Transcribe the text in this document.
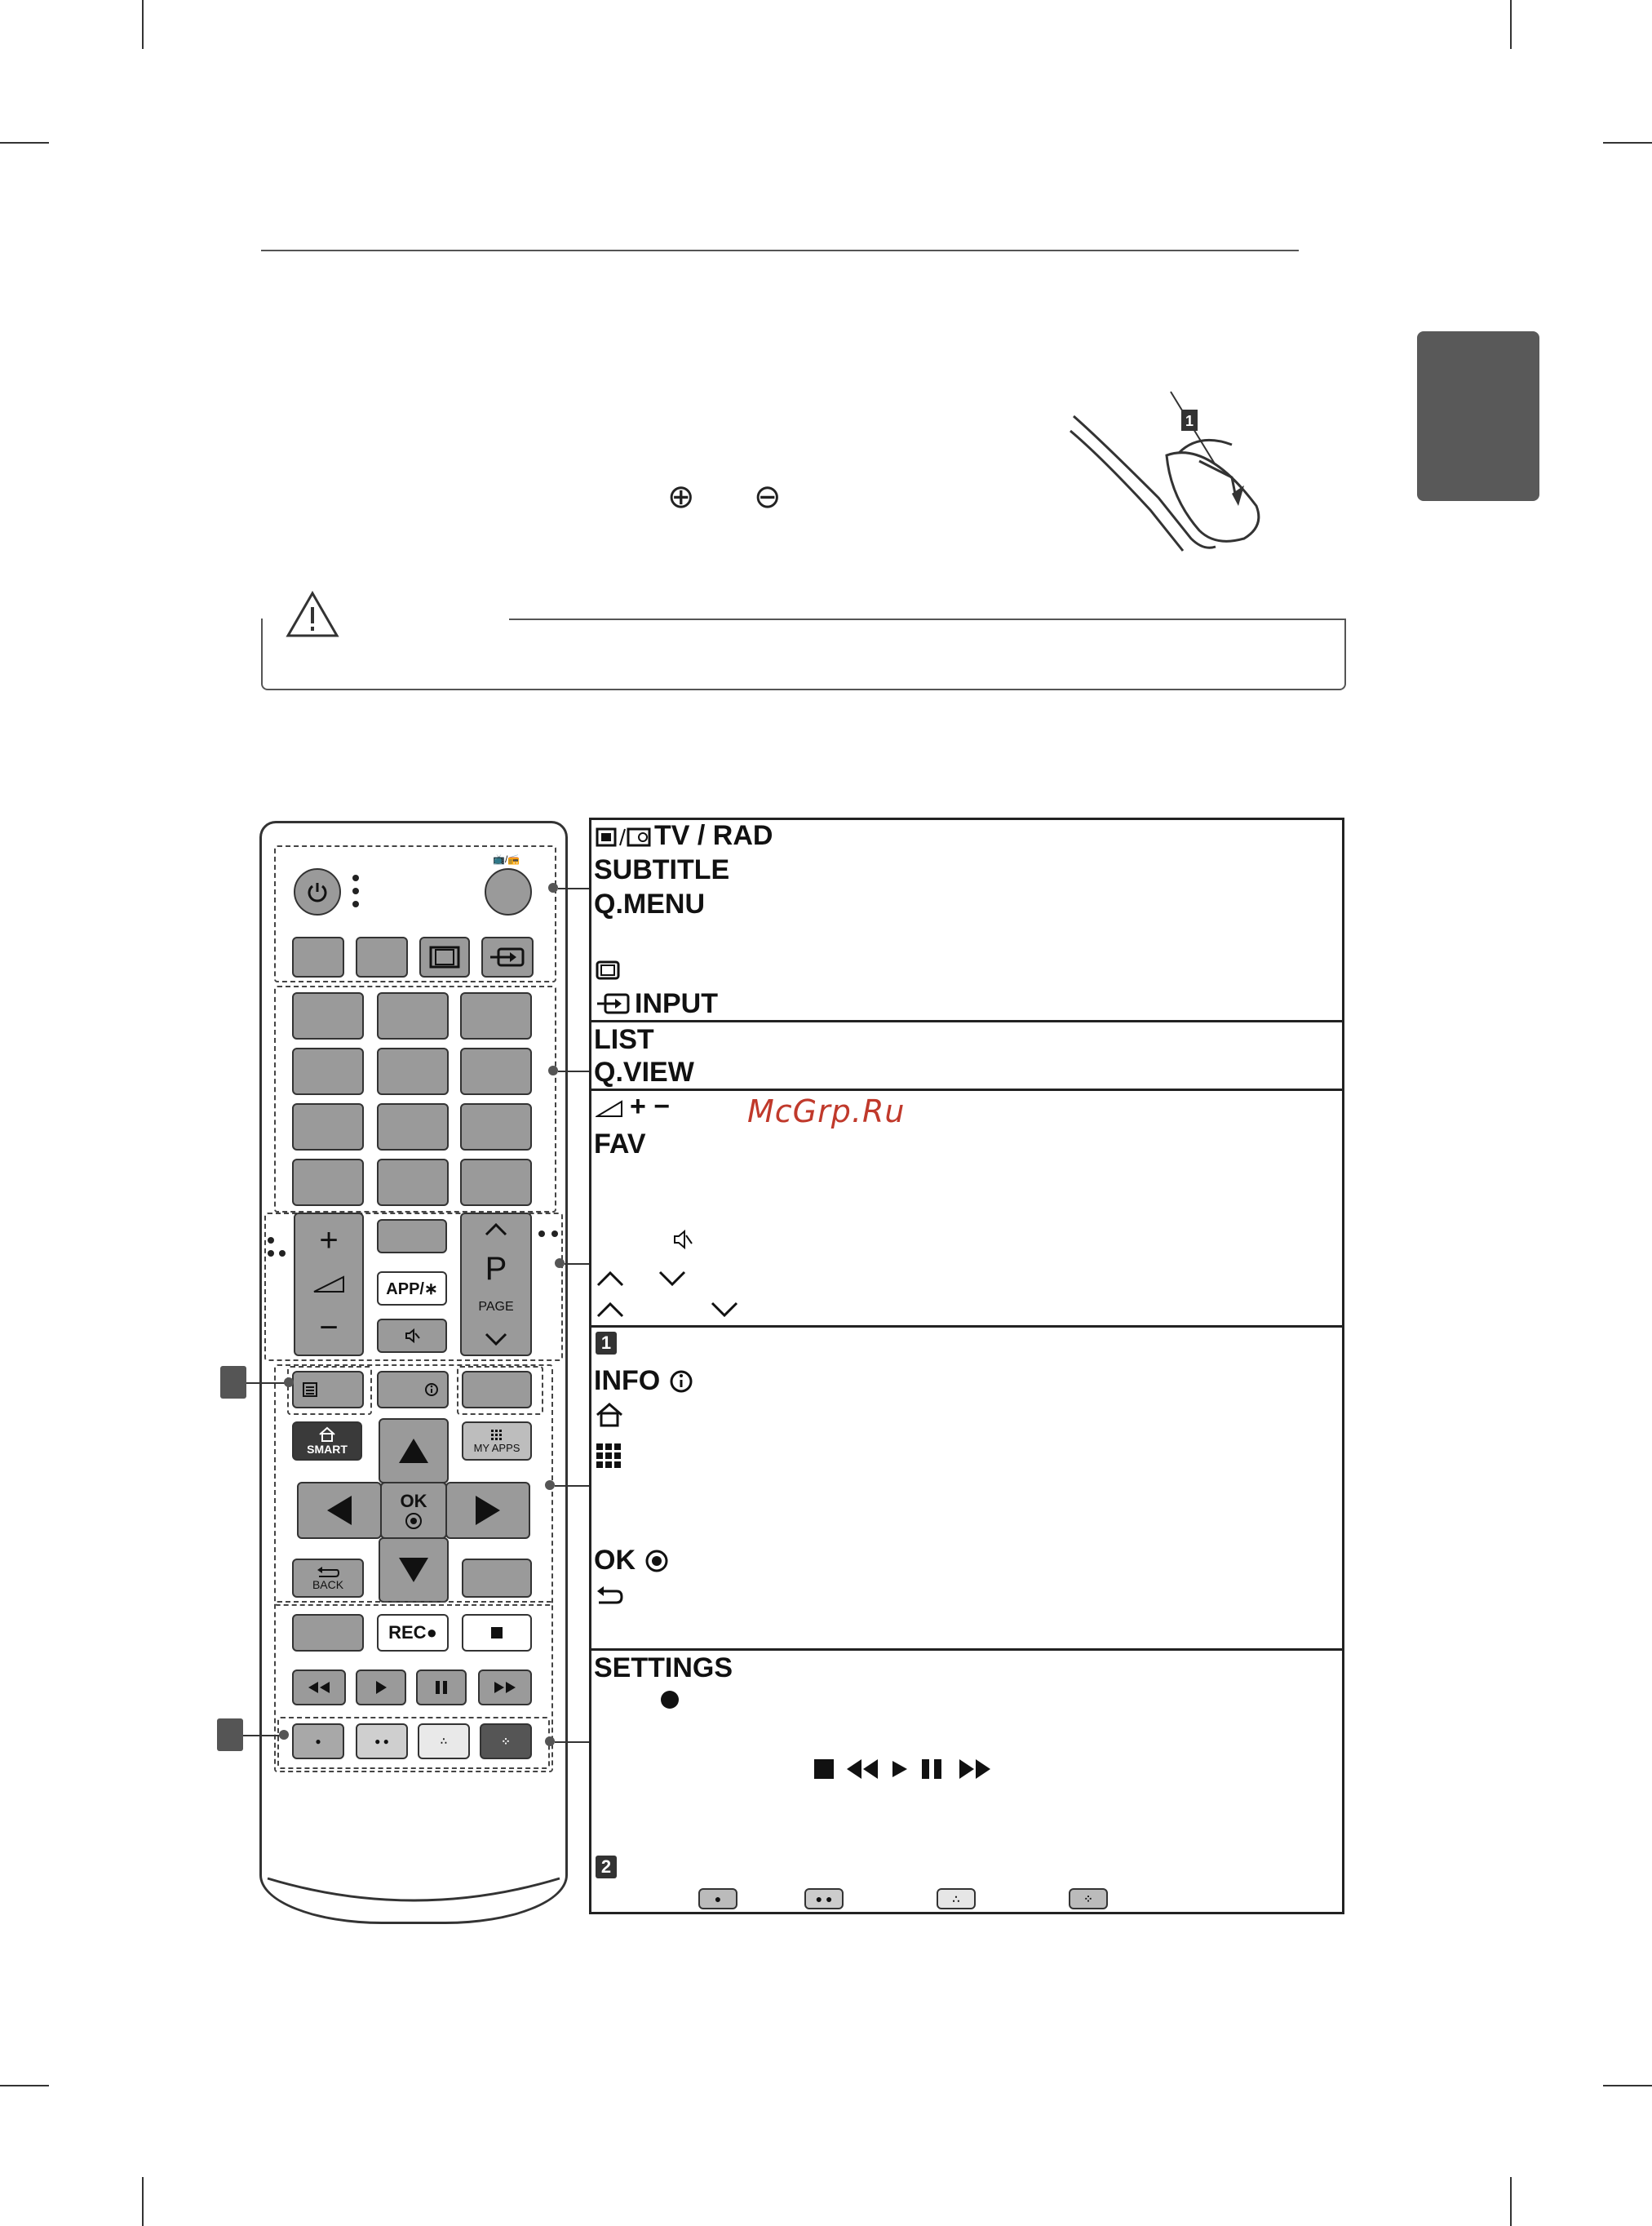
⊕ ⊖
1
McGrp.Ru
📺/📻
+
−
APP/∗
P
PAGE
SMART	MY APPS
OK
BACK
REC●
●	● ●	∴	⁘
TV / RAD
SUBTITLE
Q.MENU
INPUT
LIST
Q.VIEW
+ −
FAV
1
INFO
OK
SETTINGS
2
●	● ●	∴	⁘
